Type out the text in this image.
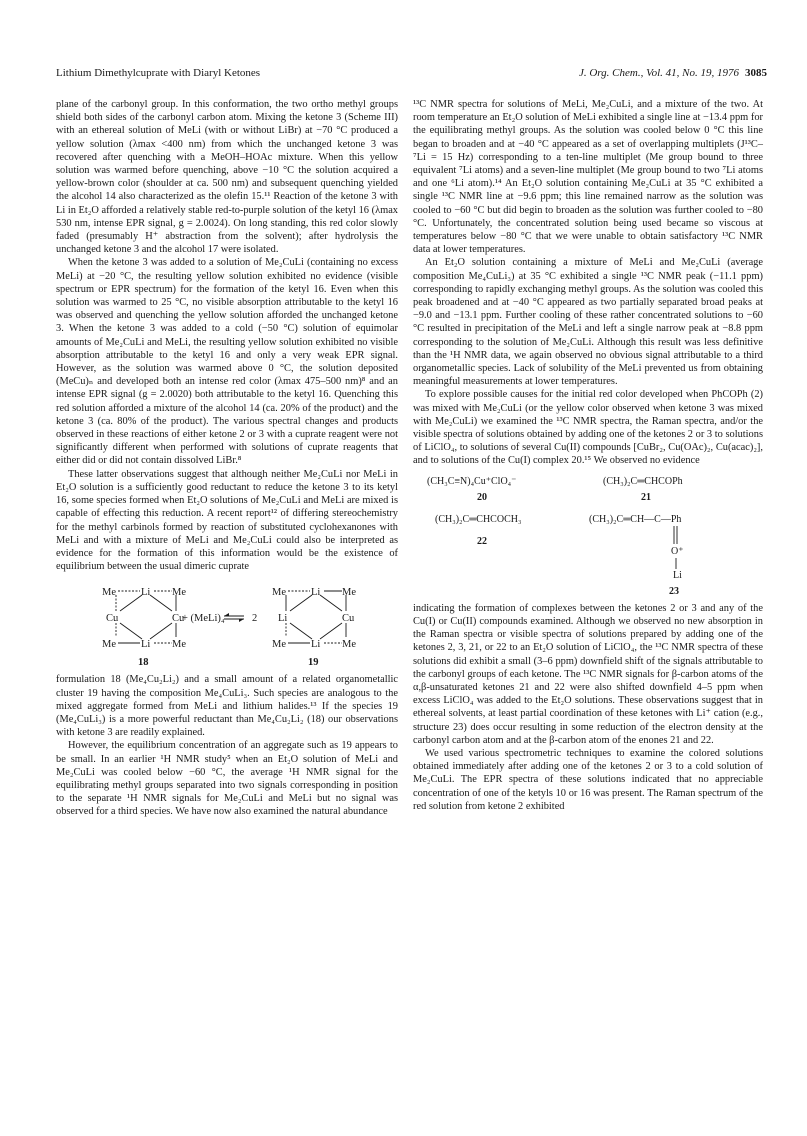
Lithium Dimethylcuprate with Diaryl Ketones	J. Org. Chem., Vol. 41, No. 19, 1976 3085

plane of the carbonyl group. In this conformation, the two ortho methyl groups shield both sides of the carbonyl carbon atom. Mixing the ketone 3 (Scheme III) with an ethereal solution of MeLi (with or without LiBr) at −70 °C produced a yellow solution (λmax <400 nm) from which the unchanged ketone 3 was recovered after quenching with a MeOH–HOAc mixture. When this yellow solution was warmed before quenching, above −10 °C the solution acquired a yellow-brown color (shoulder at ca. 500 nm) and subsequent quenching yielded the alcohol 14 also characterized as the olefin 15.¹¹ Reaction of the ketone 3 with Li in Et₂O afforded a relatively stable red-to-purple solution of the ketyl 16 (λmax 530 nm, intense EPR signal, g = 2.0024). On long standing, this red color slowly faded (presumably H⁺ abstraction from the solvent); after hydrolysis the unchanged ketone 3 and the alcohol 17 were isolated.

When the ketone 3 was added to a solution of Me₂CuLi (containing no excess MeLi) at −20 °C, the resulting yellow solution exhibited no evidence (visible spectrum or EPR spectrum) for the formation of the ketyl 16. Even when this solution was warmed to 25 °C, no visible absorption attributable to the ketyl 16 was observed and quenching the yellow solution afforded the unchanged ketone 3. When the ketone 3 was added to a cold (−50 °C) solution of equimolar amounts of Me₂CuLi and MeLi, the resulting yellow solution exhibited no visible absorption attributable to the ketyl 16 and only a very weak EPR signal. However, as the solution was warmed above 0 °C, the solution deposited (MeCu)ₙ and developed both an intense red color (λmax 475–500 nm)⁸ and an intense EPR signal (g = 2.0020) both attributable to the ketyl 16. Quenching this red solution afforded a mixture of the alcohol 14 (ca. 20% of the product) and the ketone 3 (ca. 80% of the product). The various spectral changes and products observed in these reactions of either ketone 2 or 3 with a cuprate reagent were not significantly different when performed with solutions of cuprate reagents that either did or did not contain dissolved LiBr.⁸

These latter observations suggest that although neither Me₂CuLi nor MeLi in Et₂O solution is a sufficiently good reductant to reduce the ketone 3 to its ketyl 16, some species formed when Et₂O solutions of Me₂CuLi and MeLi are mixed is capable of effecting this reduction. A recent report¹² of differing stereochemistry for the methyl carbinols formed by reaction of substituted cyclohexanones with MeLi and with a mixture of MeLi and Me₂CuLi could also be interpreted as evidence for the formation of this information would be the existence of equilibrium between the usual dimeric cuprate

Me Li Me
Cu	Cu
Me Li Me
+ (MeLi)₄	2
Me Li Me
Li	Cu
Me Li Me
18	19

formulation 18 (Me₄Cu₂Li₂) and a small amount of a related organometallic cluster 19 having the composition Me₄CuLi₃. Such species are analogous to the mixed aggregate formed from MeLi and lithium halides.¹³ If the species 19 (Me₄CuLi₃) is a more powerful reductant than Me₄Cu₂Li₂ (18) our observations with ketone 3 are readily explained.

However, the equilibrium concentration of an aggregate such as 19 appears to be small. In an earlier ¹H NMR study⁵ when an Et₂O solution of MeLi and Me₂CuLi was cooled below −60 °C, the average ¹H NMR signal for the equilibrating methyl groups separated into two signals corresponding in position to the separate ¹H NMR signals for Me₂CuLi and MeLi but no signal was observed for a third species. We have now also examined the natural abundance

¹³C NMR spectra for solutions of MeLi, Me₂CuLi, and a mixture of the two. At room temperature an Et₂O solution of MeLi exhibited a single line at −13.4 ppm for the equilibrating methyl groups. As the solution was cooled below 0 °C this line began to broaden and at −40 °C appeared as a set of overlapping multiplets (J¹³C–⁷Li = 15 Hz) corresponding to a ten-line multiplet (Me group bound to three equivalent ⁷Li atoms) and a seven-line multiplet (Me group bound to two ⁷Li atoms and one ⁶Li atom).¹⁴ An Et₂O solution containing Me₂CuLi at 35 °C exhibited a single ¹³C NMR line at −9.6 ppm; this line remained narrow as the solution was cooled to −60 °C but did begin to broaden as the solution was further cooled to −80 °C. Unfortunately, the concentrated solution being used became so viscous at temperatures below −80 °C that we were unable to obtain satisfactory ¹³C NMR data at lower temperatures.

An Et₂O solution containing a mixture of MeLi and Me₂CuLi (average composition Me₄CuLi₃) at 35 °C exhibited a single ¹³C NMR peak (−11.1 ppm) corresponding to rapidly exchanging methyl groups. As the solution was cooled this peak broadened and at −40 °C appeared as two partially separated broad peaks at −9.0 and −13.1 ppm. Further cooling of these rather concentrated solutions to −60 °C resulted in precipitation of the MeLi and left a single narrow peak at −8.8 ppm corresponding to the solution of Me₂CuLi. Although this result was less definitive than the ¹H NMR data, we again observed no obvious signal attributable to a third organometallic species. Lack of solubility of the MeLi prevented us from obtaining meaningful measurements at lower temperatures.

To explore possible causes for the initial red color developed when PhCOPh (2) was mixed with Me₂CuLi (or the yellow color observed when ketone 3 was mixed with Me₂CuLi) we examined the ¹³C NMR spectra, the Raman spectra, and/or the visible spectra of solutions obtained by adding one of the ketones 2 or 3 to solutions of LiClO₄, to solutions of several Cu(II) compounds [CuBr₂, Cu(OAc)₂, Cu(acac)₂], and to solutions of the Cu(I) complex 20.¹⁵ We observed no evidence

(CH₃C≡N)₄Cu⁺ClO₄⁻
20
(CH₃)₂C═CHCOPh
21
(CH₃)₂C═CHCOCH₃
22
(CH₃)₂C═CH—C—Ph
O⁺
Li
23

indicating the formation of complexes between the ketones 2 or 3 and any of the Cu(I) or Cu(II) compounds examined. Although we observed no new absorption in the Raman spectra or visible spectra of solutions prepared by adding one of the ketones 2, 3, 21, or 22 to an Et₂O solution of LiClO₄, the ¹³C NMR spectra of these solutions did exhibit a small (3–6 ppm) downfield shift of the signals attributable to the carbonyl groups of each ketone. The ¹³C NMR signals for β-carbon atoms of the α,β-unsaturated ketones 21 and 22 were also shifted downfield 4–5 ppm when excess LiClO₄ was added to the Et₂O solutions. These observations suggest that in ethereal solvents, at least partial coordination of these ketones with Li⁺ cation (e.g., structure 23) does occur resulting in some reduction of the electron density at the carbonyl carbon atom and at the β-carbon atom of the enones 21 and 22.

We used various spectrometric techniques to examine the colored solutions obtained immediately after adding one of the ketones 2 or 3 to a cold solution of Me₂CuLi. The EPR spectra of these solutions indicated that no appreciable concentration of one of the ketyls 10 or 16 was present. The Raman spectrum of the red solution from ketone 2 exhibited
